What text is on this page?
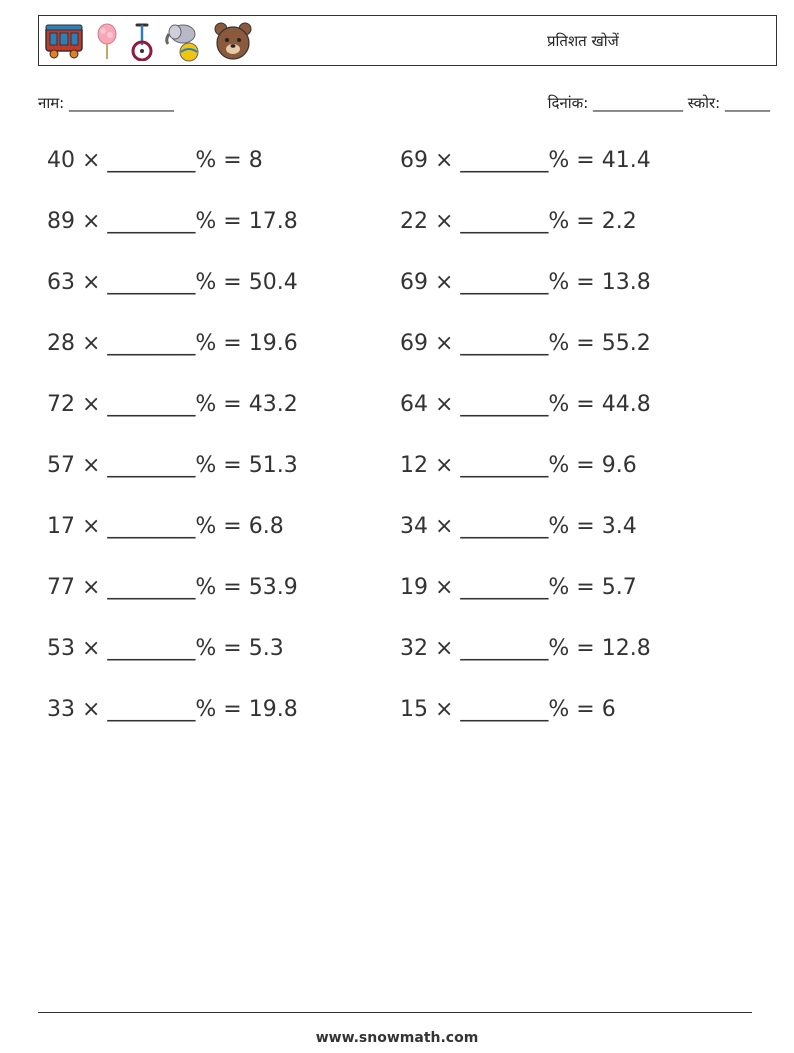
प्रतिशत खोजें
नाम: ______________	दिनांक: ____________ स्कोर: ______
40 × ________% = 8
89 × ________% = 17.8
63 × ________% = 50.4
28 × ________% = 19.6
72 × ________% = 43.2
57 × ________% = 51.3
17 × ________% = 6.8
77 × ________% = 53.9
53 × ________% = 5.3
33 × ________% = 19.8
69 × ________% = 41.4
22 × ________% = 2.2
69 × ________% = 13.8
69 × ________% = 55.2
64 × ________% = 44.8
12 × ________% = 9.6
34 × ________% = 3.4
19 × ________% = 5.7
32 × ________% = 12.8
15 × ________% = 6
www.snowmath.com
